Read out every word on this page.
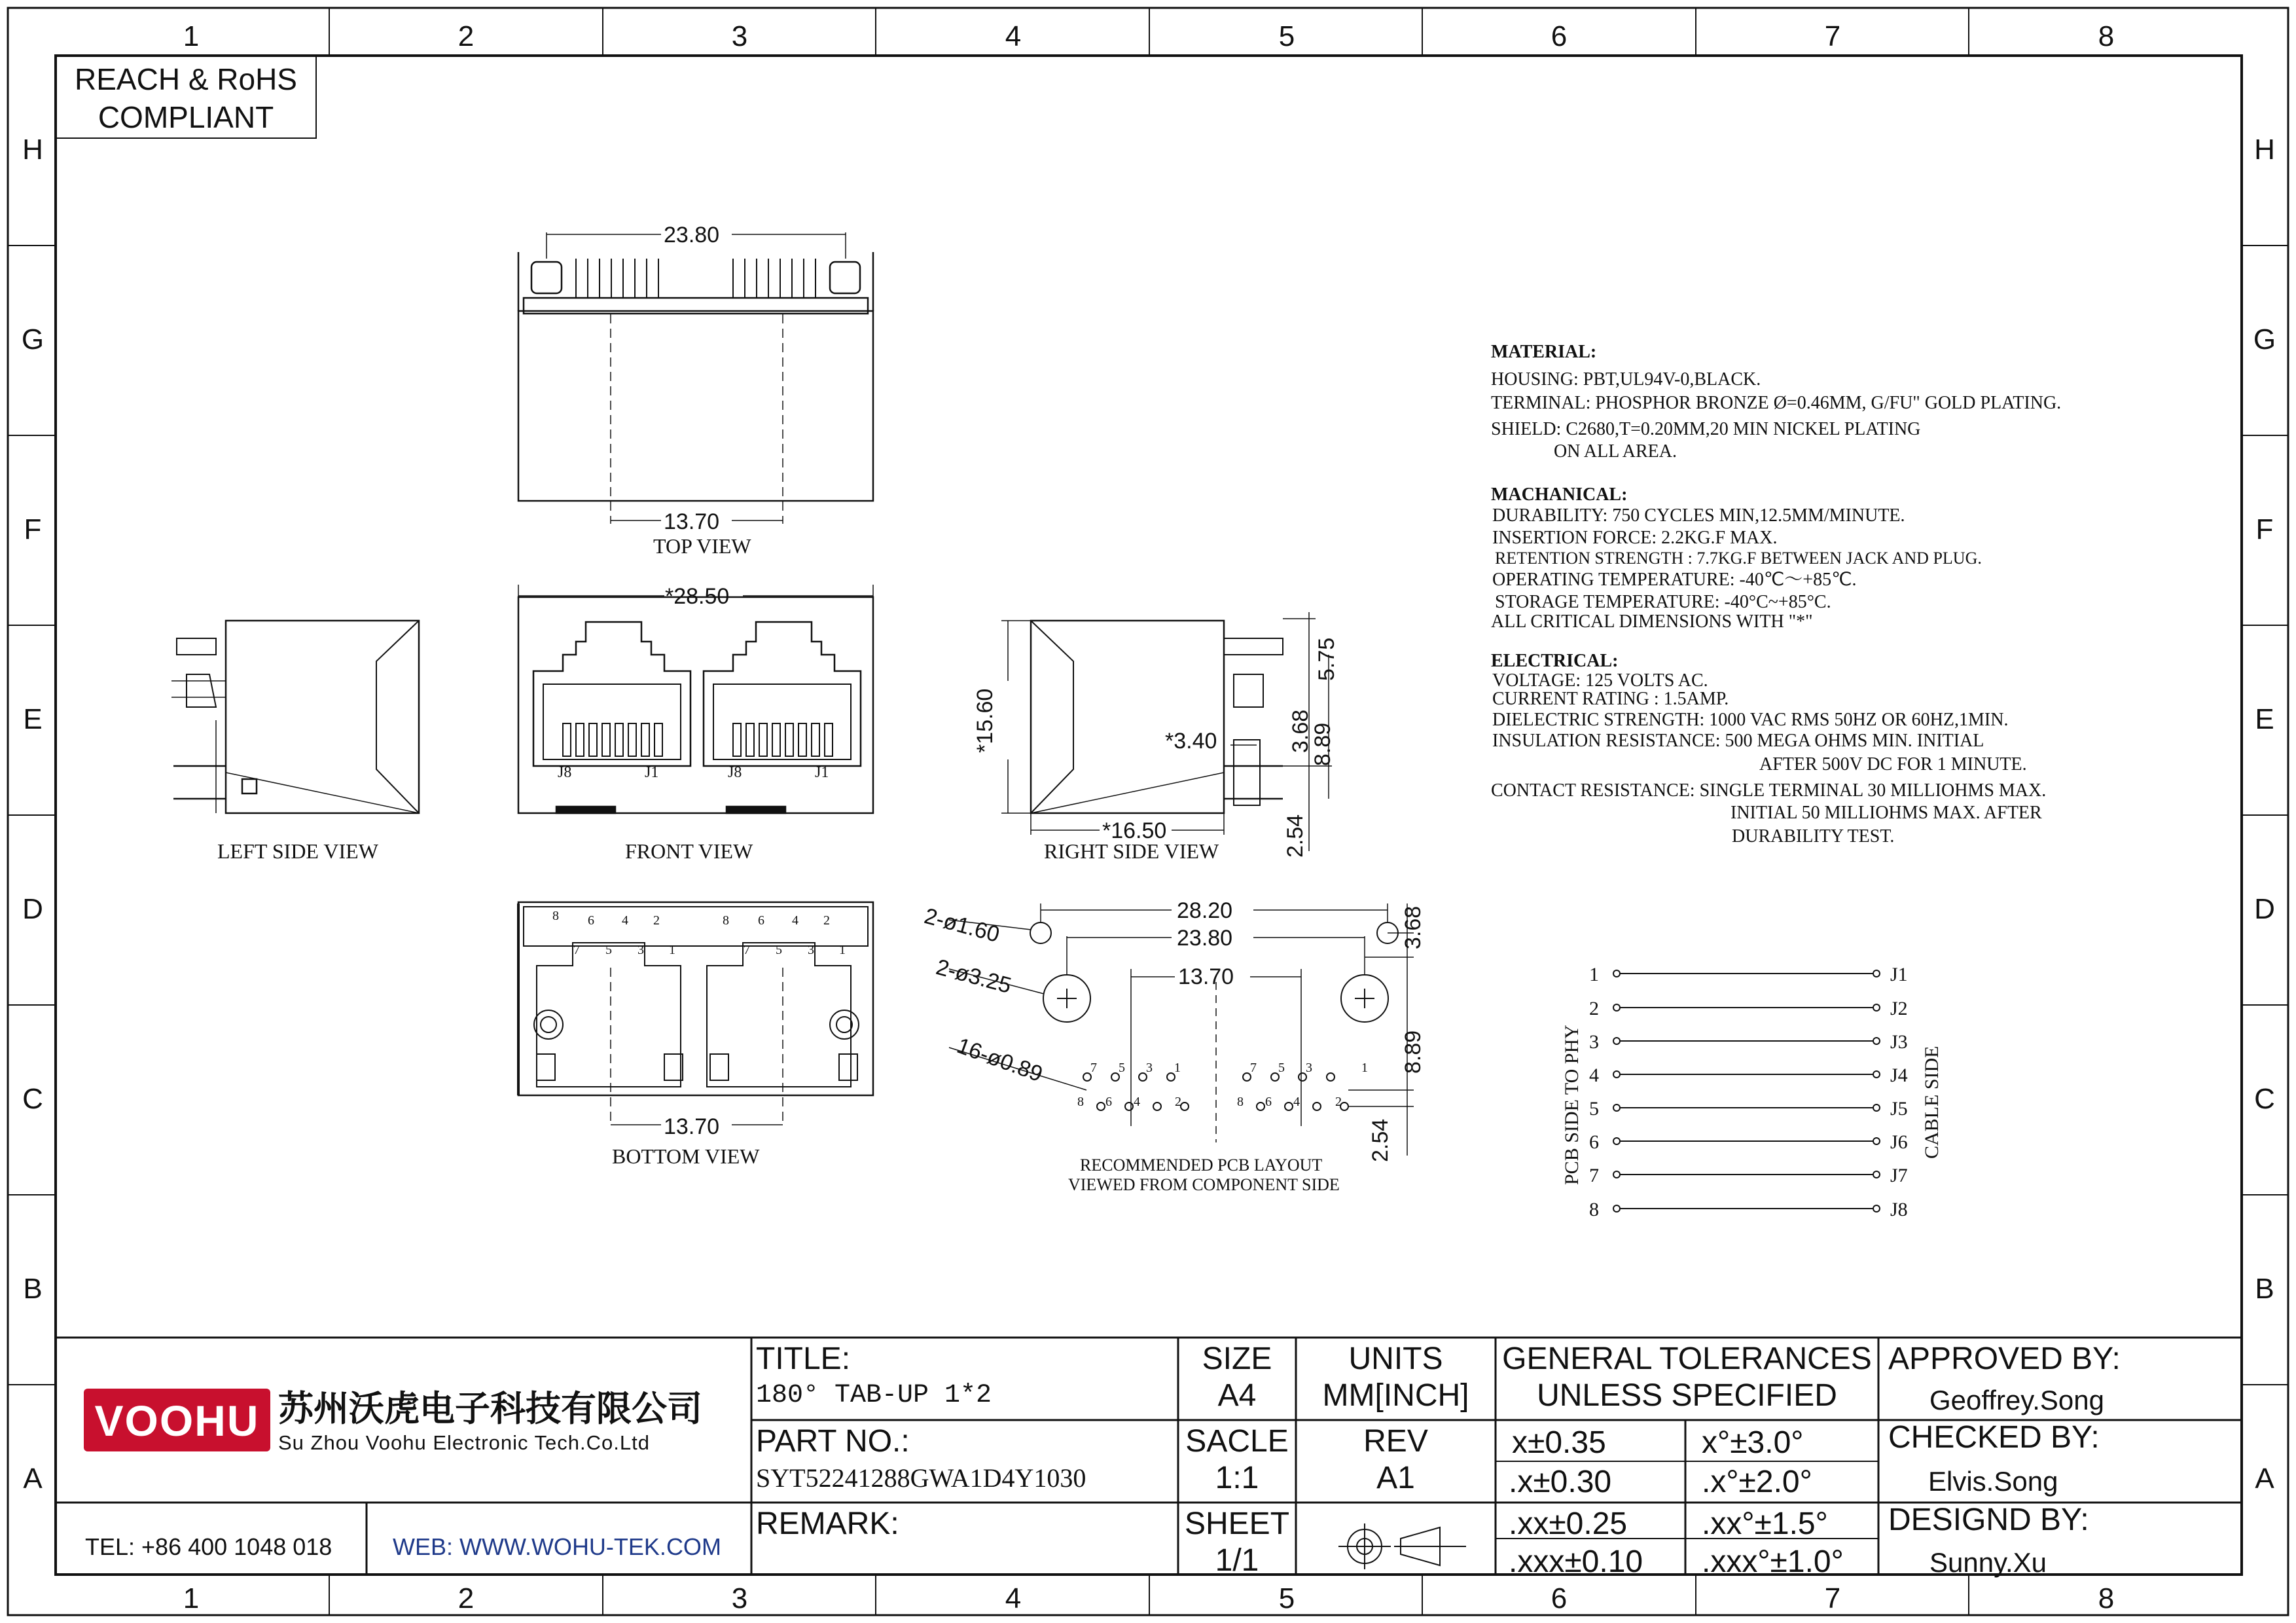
1	2	3	4	5	6	7	8
1	2	3	4	5	6	7	8
H
G
F
E
D
C
B
A
H
G
F
E
D
C
B
A
REACH & RoHS
COMPLIANT
23.80
13.70
TOP VIEW
*28.50
J8	J1	J8	J1
FRONT VIEW
LEFT SIDE VIEW
*15.60	*3.40
*16.50
5.75
3.68
8.89
2.54
RIGHT SIDE VIEW
8 6 4 2
7 5 3 1
8 6 4 2
7 5 3 1
13.70
BOTTOM VIEW
28.20
23.80
13.70
3.68
8.89
2.54
2-ø1.60
2-ø3.25
16-ø0.89	7 5 3 1	7 5 3	1
8 6 4	2	8 6 4	2
RECOMMENDED PCB LAYOUT
VIEWED FROM COMPONENT SIDE
MATERIAL:
HOUSING: PBT,UL94V-0,BLACK.
TERMINAL: PHOSPHOR BRONZE Ø=0.46MM, G/FU" GOLD PLATING.
SHIELD: C2680,T=0.20MM,20 MIN NICKEL PLATING
ON ALL AREA.
MACHANICAL:
DURABILITY: 750 CYCLES MIN,12.5MM/MINUTE.
INSERTION FORCE: 2.2KG.F MAX.
RETENTION STRENGTH : 7.7KG.F BETWEEN JACK AND PLUG.
OPERATING TEMPERATURE: -40℃～+85℃.
STORAGE TEMPERATURE: -40°C~+85°C.
ALL CRITICAL DIMENSIONS WITH "*"
ELECTRICAL:
VOLTAGE: 125 VOLTS AC.
CURRENT RATING : 1.5AMP.
DIELECTRIC STRENGTH: 1000 VAC RMS 50HZ OR 60HZ,1MIN.
INSULATION RESISTANCE: 500 MEGA OHMS MIN. INITIAL
AFTER 500V DC FOR 1 MINUTE.
CONTACT RESISTANCE: SINGLE TERMINAL 30 MILLIOHMS MAX.
INITIAL 50 MILLIOHMS MAX. AFTER
DURABILITY TEST.
1
2
3
4
5
6
7
8
J1
J2
J3
J4
J5
J6
J7
J8
PCB SIDE TO PHY	CABLE SIDE
VOOHU 苏州沃虎电子科技有限公司
Su Zhou Voohu Electronic Tech.Co.Ltd
TEL: +86 400 1048 018	WEB: WWW.WOHU-TEK.COM
TITLE:
180° TAB-UP 1*2
PART NO.:
SYT52241288GWA1D4Y1030
REMARK:
SIZE
A4
UNITS
MM[INCH]
SACLE
1:1
REV
A1
SHEET
1/1
GENERAL TOLERANCES
UNLESS SPECIFIED
x±0.35	x°±3.0°
.x±0.30	.x°±2.0°
.xx±0.25 .xx°±1.5°
.xxx±0.10 .xxx°±1.0°
APPROVED BY:
Geoffrey.Song
CHECKED BY:
Elvis.Song
DESIGND BY:
Sunny.Xu
